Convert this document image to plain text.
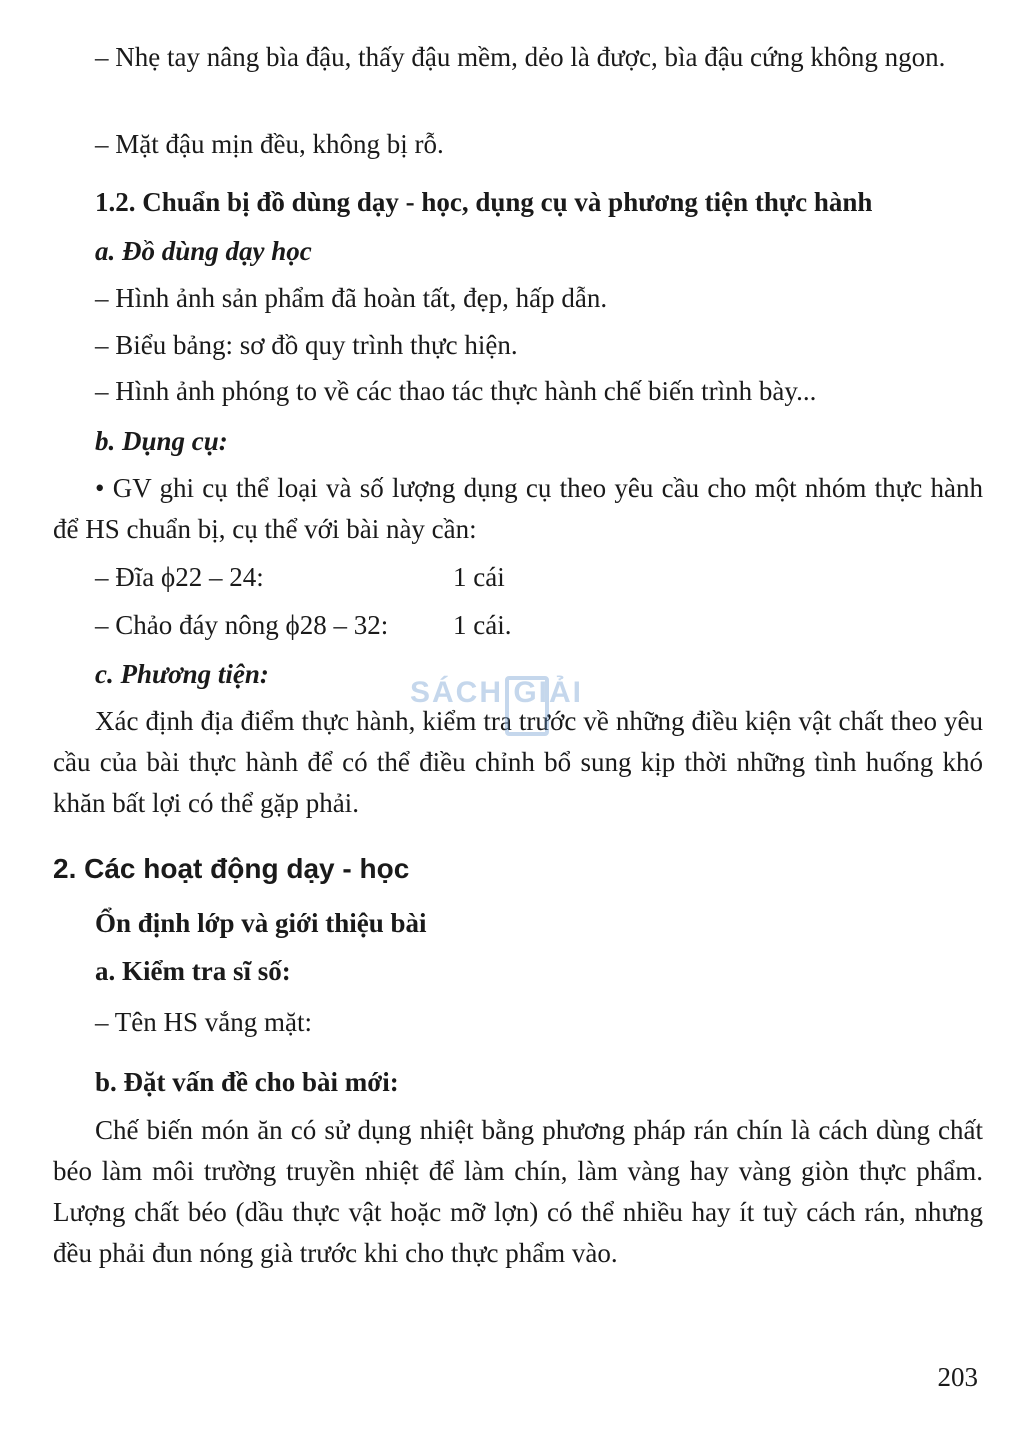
– Nhẹ tay nâng bìa đậu, thấy đậu mềm, dẻo là được, bìa đậu cứng không ngon.

– Mặt đậu mịn đều, không bị rỗ.

1.2. Chuẩn bị đồ dùng dạy - học, dụng cụ và phương tiện thực hành

a. Đồ dùng dạy học

– Hình ảnh sản phẩm đã hoàn tất, đẹp, hấp dẫn.

– Biểu bảng: sơ đồ quy trình thực hiện.

– Hình ảnh phóng to về các thao tác thực hành chế biến trình bày...

b. Dụng cụ:

• GV ghi cụ thể loại và số lượng dụng cụ theo yêu cầu cho một nhóm thực hành để HS chuẩn bị, cụ thể với bài này cần:

– Đĩa ϕ22 – 24:	1 cái

– Chảo đáy nông ϕ28 – 32: 1 cái.

c. Phương tiện:

Xác định địa điểm thực hành, kiểm tra trước về những điều kiện vật chất theo yêu cầu của bài thực hành để có thể điều chỉnh bổ sung kịp thời những tình huống khó khăn bất lợi có thể gặp phải.

2. Các hoạt động dạy - học

Ổn định lớp và giới thiệu bài

a. Kiểm tra sĩ số:

– Tên HS vắng mặt:

b. Đặt vấn đề cho bài mới:

Chế biến món ăn có sử dụng nhiệt bằng phương pháp rán chín là cách dùng chất béo làm môi trường truyền nhiệt để làm chín, làm vàng hay vàng giòn thực phẩm. Lượng chất béo (dầu thực vật hoặc mỡ lợn) có thể nhiều hay ít tuỳ cách rán, nhưng đều phải đun nóng già trước khi cho thực phẩm vào.

SÁCH GIẢI
203
